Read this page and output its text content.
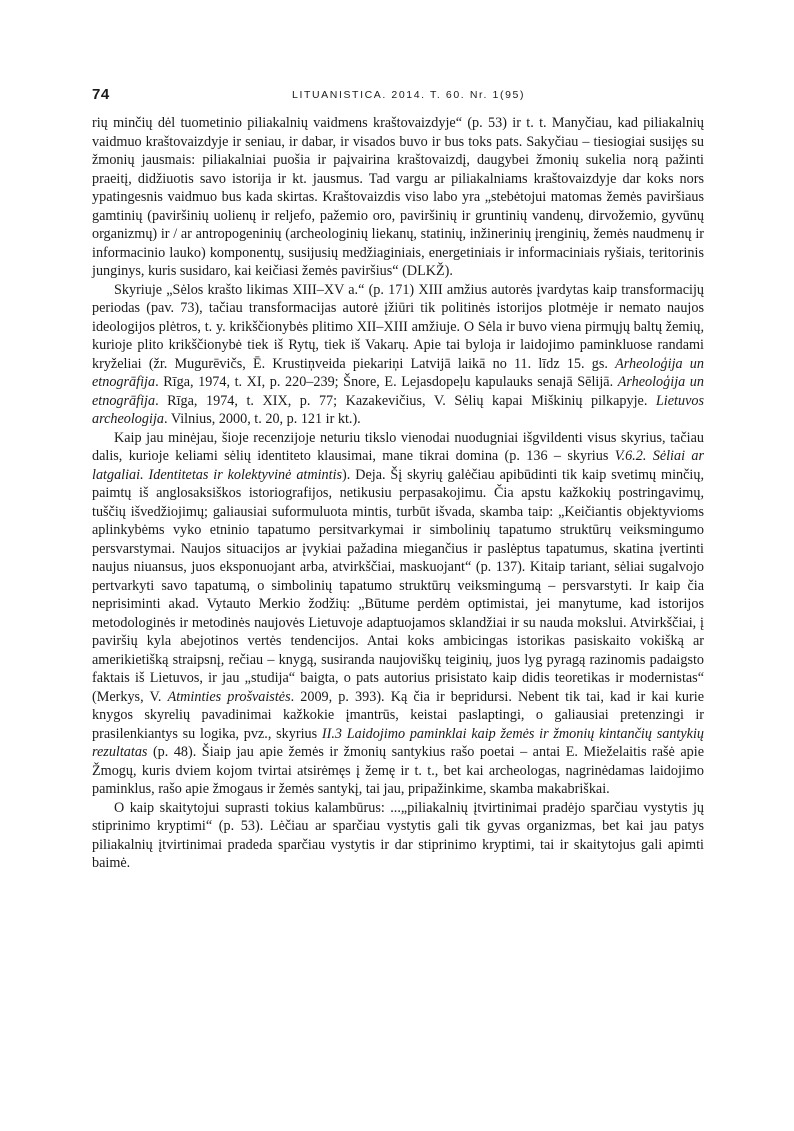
74	LITUANISTICA. 2014. T. 60. Nr. 1(95)

rių minčių dėl tuometinio piliakalnių vaidmens kraštovaizdyje“ (p. 53) ir t. t. Manyčiau, kad piliakalnių vaidmuo kraštovaizdyje ir seniau, ir dabar, ir visados buvo ir bus toks pats. Sakyčiau – tiesiogiai susijęs su žmonių jausmais: piliakalniai puošia ir paįvairina kraštovaizdį, daugybei žmonių sukelia norą pažinti praeitį, didžiuotis savo istorija ir kt. jausmus. Tad vargu ar piliakalniams kraštovaizdyje dar koks nors ypatingesnis vaidmuo bus kada skirtas. Kraštovaizdis viso labo yra „stebėtojui matomas žemės paviršiaus gamtinių (paviršinių uolienų ir reljefo, pažemio oro, paviršinių ir gruntinių vandenų, dirvožemio, gyvūnų organizmų) ir / ar antropogeninių (archeologinių liekanų, statinių, inžinerinių įrenginių, žemės naudmenų ir informacinio lauko) komponentų, susijusių medžiaginiais, energetiniais ir informaciniais ryšiais, teritorinis junginys, kuris susidaro, kai keičiasi žemės paviršius“ (DLKŽ).

Skyriuje „Sėlos krašto likimas XIII–XV a.“ (p. 171) XIII amžius autorės įvardytas kaip transformacijų periodas (pav. 73), tačiau transformacijas autorė įžiūri tik politinės istorijos plotmėje ir nemato naujos ideologijos plėtros, t. y. krikščionybės plitimo XII–XIII amžiuje. O Sėla ir buvo viena pirmųjų baltų žemių, kurioje plito krikščionybė tiek iš Rytų, tiek iš Vakarų. Apie tai byloja ir laidojimo paminkluose randami kryželiai (žr. Mugurēvičs, Ē. Krustiņveida piekariņi Latvijā laikā no 11. līdz 15. gs. Arheoloģija un etnogrāfija. Rīga, 1974, t. XI, p. 220–239; Šnore, E. Lejasdopeļu kapulauks senajā Sēlijā. Arheoloģija un etnogrāfija. Rīga, 1974, t. XIX, p. 77; Kazakevičius, V. Sėlių kapai Miškinių pilkapyje. Lietuvos archeologija. Vilnius, 2000, t. 20, p. 121 ir kt.).

Kaip jau minėjau, šioje recenzijoje neturiu tikslo vienodai nuodugniai išgvildenti visus skyrius, tačiau dalis, kurioje keliami sėlių identiteto klausimai, mane tikrai domina (p. 136 – skyrius V.6.2. Sėliai ar latgaliai. Identitetas ir kolektyvinė atmintis). Deja. Šį skyrių galėčiau apibūdinti tik kaip svetimų minčių, paimtų iš anglosaksiškos istoriografijos, netikusiu perpasakojimu. Čia apstu kažkokių postringavimų, tuščių išvedžiojimų; galiausiai suformuluota mintis, turbūt išvada, skamba taip: „Keičiantis objektyvioms aplinkybėms vyko etninio tapatumo persitvarkymai ir simbolinių tapatumo struktūrų veiksmingumo persvarstymai. Naujos situacijos ar įvykiai pažadina miegančius ir paslėptus tapatumus, skatina įvertinti naujus niuansus, juos eksponuojant arba, atvirkščiai, maskuojant“ (p. 137). Kitaip tariant, sėliai sugalvojo pertvarkyti savo tapatumą, o simbolinių tapatumo struktūrų veiksmingumą – persvarstyti. Ir kaip čia neprisiminti akad. Vytauto Merkio žodžių: „Būtume perdėm optimistai, jei manytume, kad istorijos metodologinės ir metodinės naujovės Lietuvoje adaptuojamos sklandžiai ir su nauda mokslui. Atvirkščiai, į paviršių kyla abejotinos vertės tendencijos. Antai koks ambicingas istorikas pasiskaito vokišką ar amerikietišką straipsnį, rečiau – knygą, susiranda naujoviškų teiginių, juos lyg pyragą razinomis padaigsto faktais iš Lietuvos, ir jau „studija“ baigta, o pats autorius prisistato kaip didis teoretikas ir modernistas“ (Merkys, V. Atminties prošvaistės. 2009, p. 393). Ką čia ir bepridursi. Nebent tik tai, kad ir kai kurie knygos skyrelių pavadinimai kažkokie įmantrūs, keistai paslaptingi, o galiausiai pretenzingi ir prasilenkiantys su logika, pvz., skyrius II.3 Laidojimo paminklai kaip žemės ir žmonių kintančių santykių rezultatas (p. 48). Šiaip jau apie žemės ir žmonių santykius rašo poetai – antai E. Mieželaitis rašė apie Žmogų, kuris dviem kojom tvirtai atsirėmęs į žemę ir t. t., bet kai archeologas, nagrinėdamas laidojimo paminklus, rašo apie žmogaus ir žemės santykį, tai jau, pripažinkime, skamba makabriškai.

O kaip skaitytojui suprasti tokius kalambūrus: ...„piliakalnių įtvirtinimai pradėjo sparčiau vystytis jų stiprinimo kryptimi“ (p. 53). Lėčiau ar sparčiau vystytis gali tik gyvas organizmas, bet kai jau patys piliakalnių įtvirtinimai pradeda sparčiau vystytis ir dar stiprinimo kryptimi, tai ir skaitytojus gali apimti baimė.
